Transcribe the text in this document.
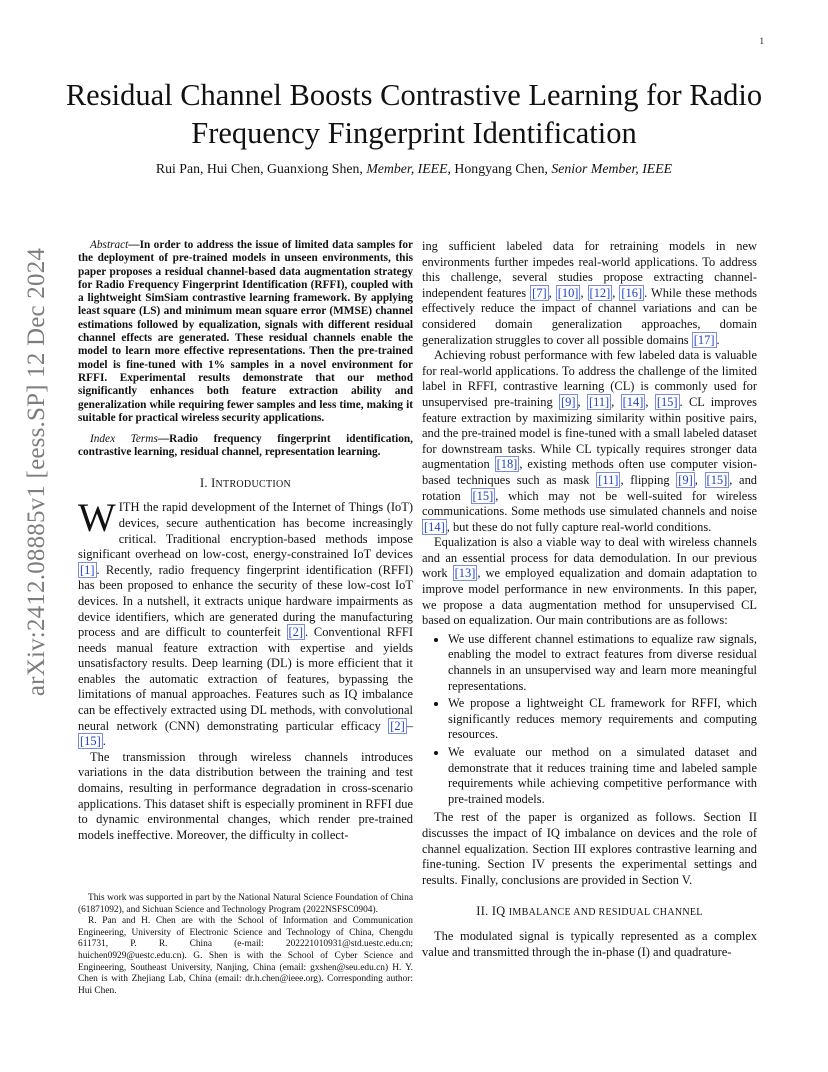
1
arXiv:2412.08885v1 [eess.SP] 12 Dec 2024
Residual Channel Boosts Contrastive Learning for Radio Frequency Fingerprint Identification
Rui Pan, Hui Chen, Guanxiong Shen, Member, IEEE, Hongyang Chen, Senior Member, IEEE

Abstract—In order to address the issue of limited data samples for the deployment of pre-trained models in unseen environments, this paper proposes a residual channel-based data augmentation strategy for Radio Frequency Fingerprint Identification (RFFI), coupled with a lightweight SimSiam contrastive learning framework. By applying least square (LS) and minimum mean square error (MMSE) channel estimations followed by equalization, signals with different residual channel effects are generated. These residual channels enable the model to learn more effective representations. Then the pre-trained model is fine-tuned with 1% samples in a novel environment for RFFI. Experimental results demonstrate that our method significantly enhances both feature extraction ability and generalization while requiring fewer samples and less time, making it suitable for practical wireless security applications.

Index Terms—Radio frequency fingerprint identification, contrastive learning, residual channel, representation learning.

I. INTRODUCTION

WITH the rapid development of the Internet of Things (IoT) devices, secure authentication has become increasingly critical. Traditional encryption-based methods impose significant overhead on low-cost, energy-constrained IoT devices [1] . Recently, radio frequency fingerprint identification (RFFI) has been proposed to enhance the security of these low-cost IoT devices. In a nutshell, it extracts unique hardware impairments as device identifiers, which are generated during the manufacturing process and are difficult to counterfeit [2] . Conventional RFFI needs manual feature extraction with expertise and yields unsatisfactory results. Deep learning (DL) is more efficient that it enables the automatic extraction of features, bypassing the limitations of manual approaches. Features such as IQ imbalance can be effectively extracted using DL methods, with convolutional neural network (CNN) demonstrating particular efficacy [2] –[15] .

The transmission through wireless channels introduces variations in the data distribution between the training and test domains, resulting in performance degradation in cross-scenario applications. This dataset shift is especially prominent in RFFI due to dynamic environmental changes, which render pre-trained models ineffective. Moreover, the difficulty in collect-

This work was supported in part by the National Natural Science Foundation of China (61871092), and Sichuan Science and Technology Program (2022NSFSC0904).

R. Pan and H. Chen are with the School of Information and Communication Engineering, University of Electronic Science and Technology of China, Chengdu 611731, P. R. China (e-mail: 202221010931@std.uestc.edu.cn; huichen0929@uestc.edu.cn). G. Shen is with the School of Cyber Science and Engineering, Southeast University, Nanjing, China (email: gxshen@seu.edu.cn) H. Y. Chen is with Zhejiang Lab, China (email: dr.h.chen@ieee.org). Corresponding author: Hui Chen.

ing sufficient labeled data for retraining models in new environments further impedes real-world applications. To address this challenge, several studies propose extracting channel-independent features [7] , [10] , [12] , [16] . While these methods effectively reduce the impact of channel variations and can be considered domain generalization approaches, domain generalization struggles to cover all possible domains [17] .

Achieving robust performance with few labeled data is valuable for real-world applications. To address the challenge of the limited label in RFFI, contrastive learning (CL) is commonly used for unsupervised pre-training [9] , [11] , [14] , [15] . CL improves feature extraction by maximizing similarity within positive pairs, and the pre-trained model is fine-tuned with a small labeled dataset for downstream tasks. While CL typically requires stronger data augmentation [18] , existing methods often use computer vision-based techniques such as mask [11] , flipping [9] , [15] , and rotation [15] , which may not be well-suited for wireless communications. Some methods use simulated channels and noise [14] , but these do not fully capture real-world conditions.

Equalization is also a viable way to deal with wireless channels and an essential process for data demodulation. In our previous work [13] , we employed equalization and domain adaptation to improve model performance in new environments. In this paper, we propose a data augmentation method for unsupervised CL based on equalization. Our main contributions are as follows:

• We use different channel estimations to equalize raw signals, enabling the model to extract features from diverse residual channels in an unsupervised way and learn more meaningful representations.
• We propose a lightweight CL framework for RFFI, which significantly reduces memory requirements and computing resources.
• We evaluate our method on a simulated dataset and demonstrate that it reduces training time and labeled sample requirements while achieving competitive performance with pre-trained models.

The rest of the paper is organized as follows. Section II discusses the impact of IQ imbalance on devices and the role of channel equalization. Section III explores contrastive learning and fine-tuning. Section IV presents the experimental settings and results. Finally, conclusions are provided in Section V.

II. IQ IMBALANCE AND RESIDUAL CHANNEL

The modulated signal is typically represented as a complex value and transmitted through the in-phase (I) and quadrature-
